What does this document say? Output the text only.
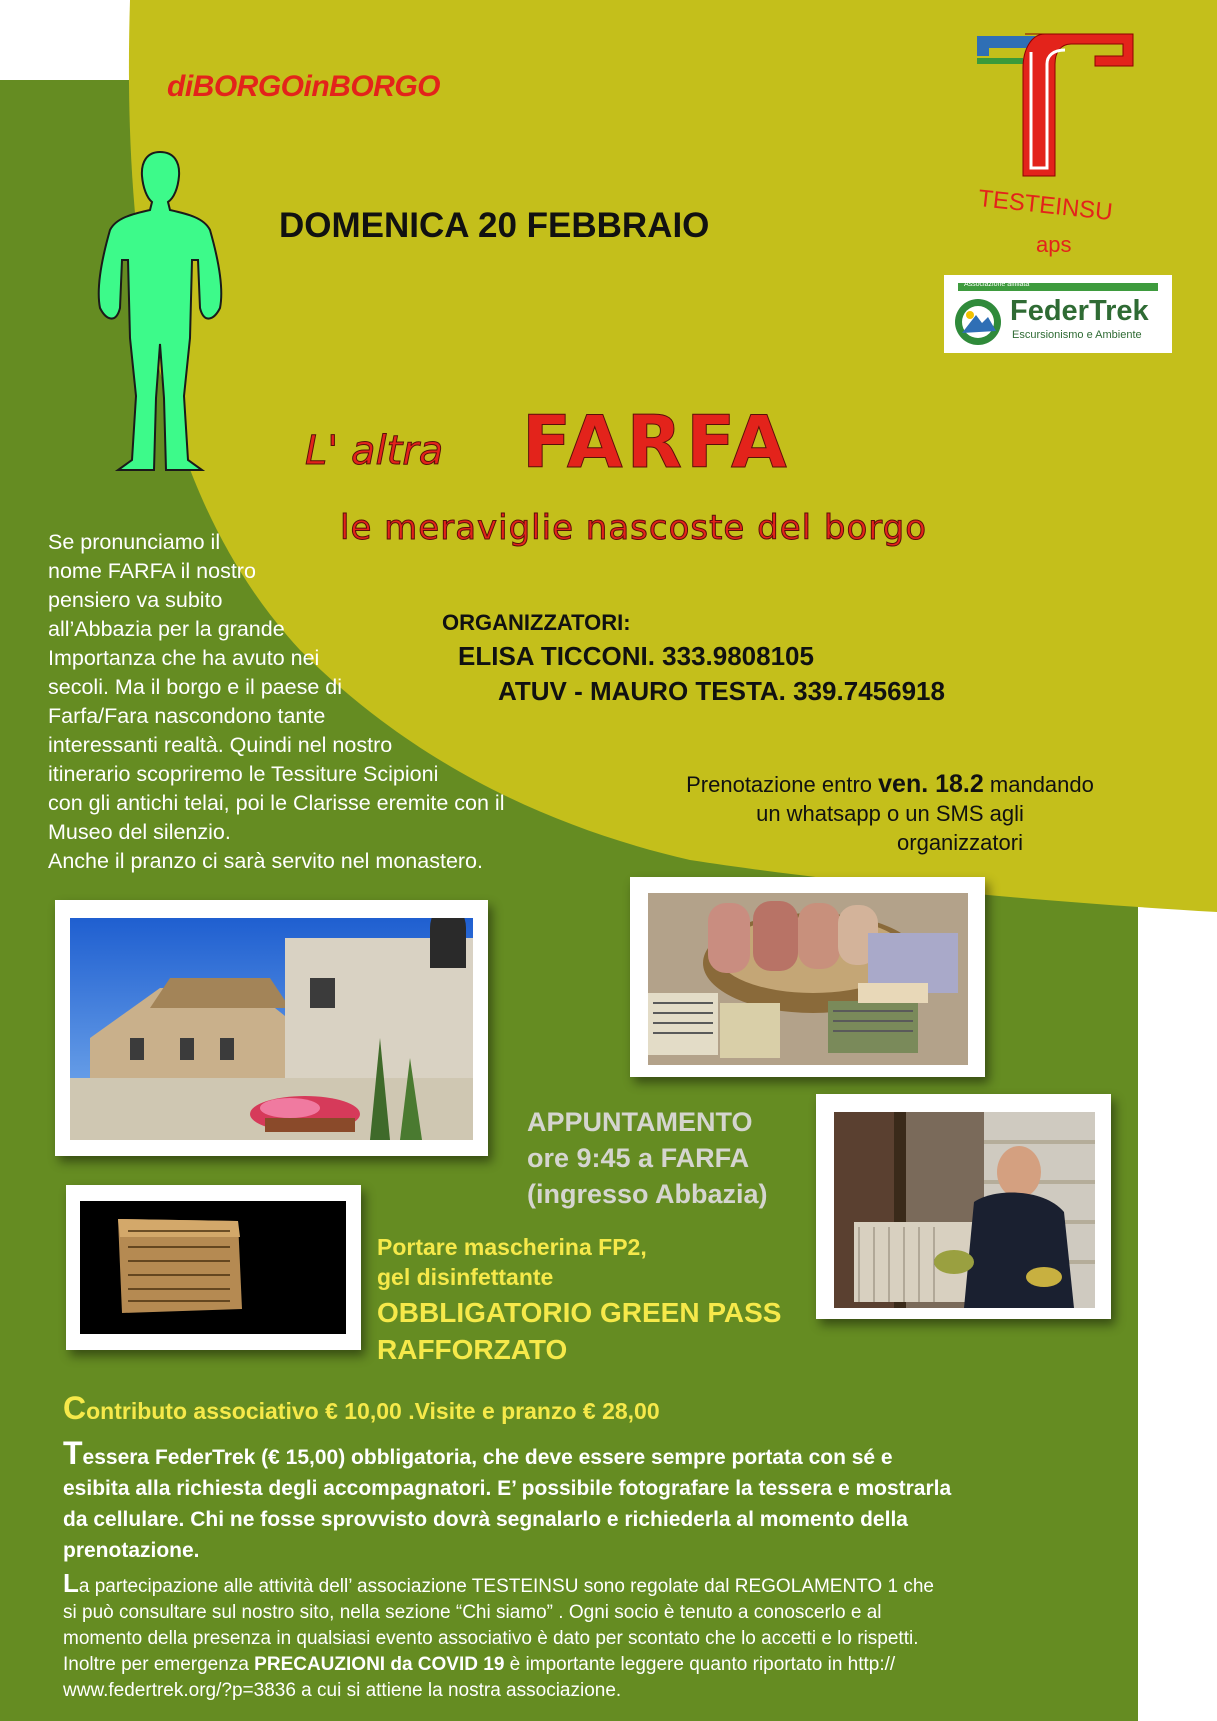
diBORGOinBORGO
DOMENICA 20 FEBBRAIO	TESTEINSU
aps
Associazione affiliata
FederTrek
Escursionismo e Ambiente
L' altra FARFA
le meraviglie nascoste del borgo
Se pronunciamo il
nome FARFA il nostro
pensiero va subito
all’Abbazia per la grande
Importanza che ha avuto nei
secoli. Ma il borgo e il paese di
Farfa/Fara nascondono tante
interessanti realtà. Quindi nel nostro
itinerario scopriremo le Tessiture Scipioni
con gli antichi telai, poi le Clarisse eremite con il
Museo del silenzio.
Anche il pranzo ci sarà servito nel monastero.
ORGANIZZATORI:
ELISA TICCONI. 333.9808105
ATUV - MAURO TESTA. 339.7456918
Prenotazione entro ven. 18.2 mandando
un whatsapp o un SMS agli
organizzatori
APPUNTAMENTO
ore 9:45 a FARFA
(ingresso Abbazia)
Portare mascherina FP2,
gel disinfettante
OBBLIGATORIO GREEN PASS
RAFFORZATO
Contributo associativo € 10,00 .Visite e pranzo € 28,00
Tessera FederTrek (€ 15,00) obbligatoria, che deve essere sempre portata con sé e
esibita alla richiesta degli accompagnatori. E’ possibile fotografare la tessera e mostrarla
da cellulare. Chi ne fosse sprovvisto dovrà segnalarlo e richiederla al momento della
prenotazione.
La partecipazione alle attività dell’ associazione TESTEINSU sono regolate dal REGOLAMENTO 1 che
si può consultare sul nostro sito, nella sezione “Chi siamo” . Ogni socio è tenuto a conoscerlo e al
momento della presenza in qualsiasi evento associativo è dato per scontato che lo accetti e lo rispetti.
Inoltre per emergenza PRECAUZIONI da COVID 19 è importante leggere quanto riportato in http://
www.federtrek.org/?p=3836 a cui si attiene la nostra associazione.
